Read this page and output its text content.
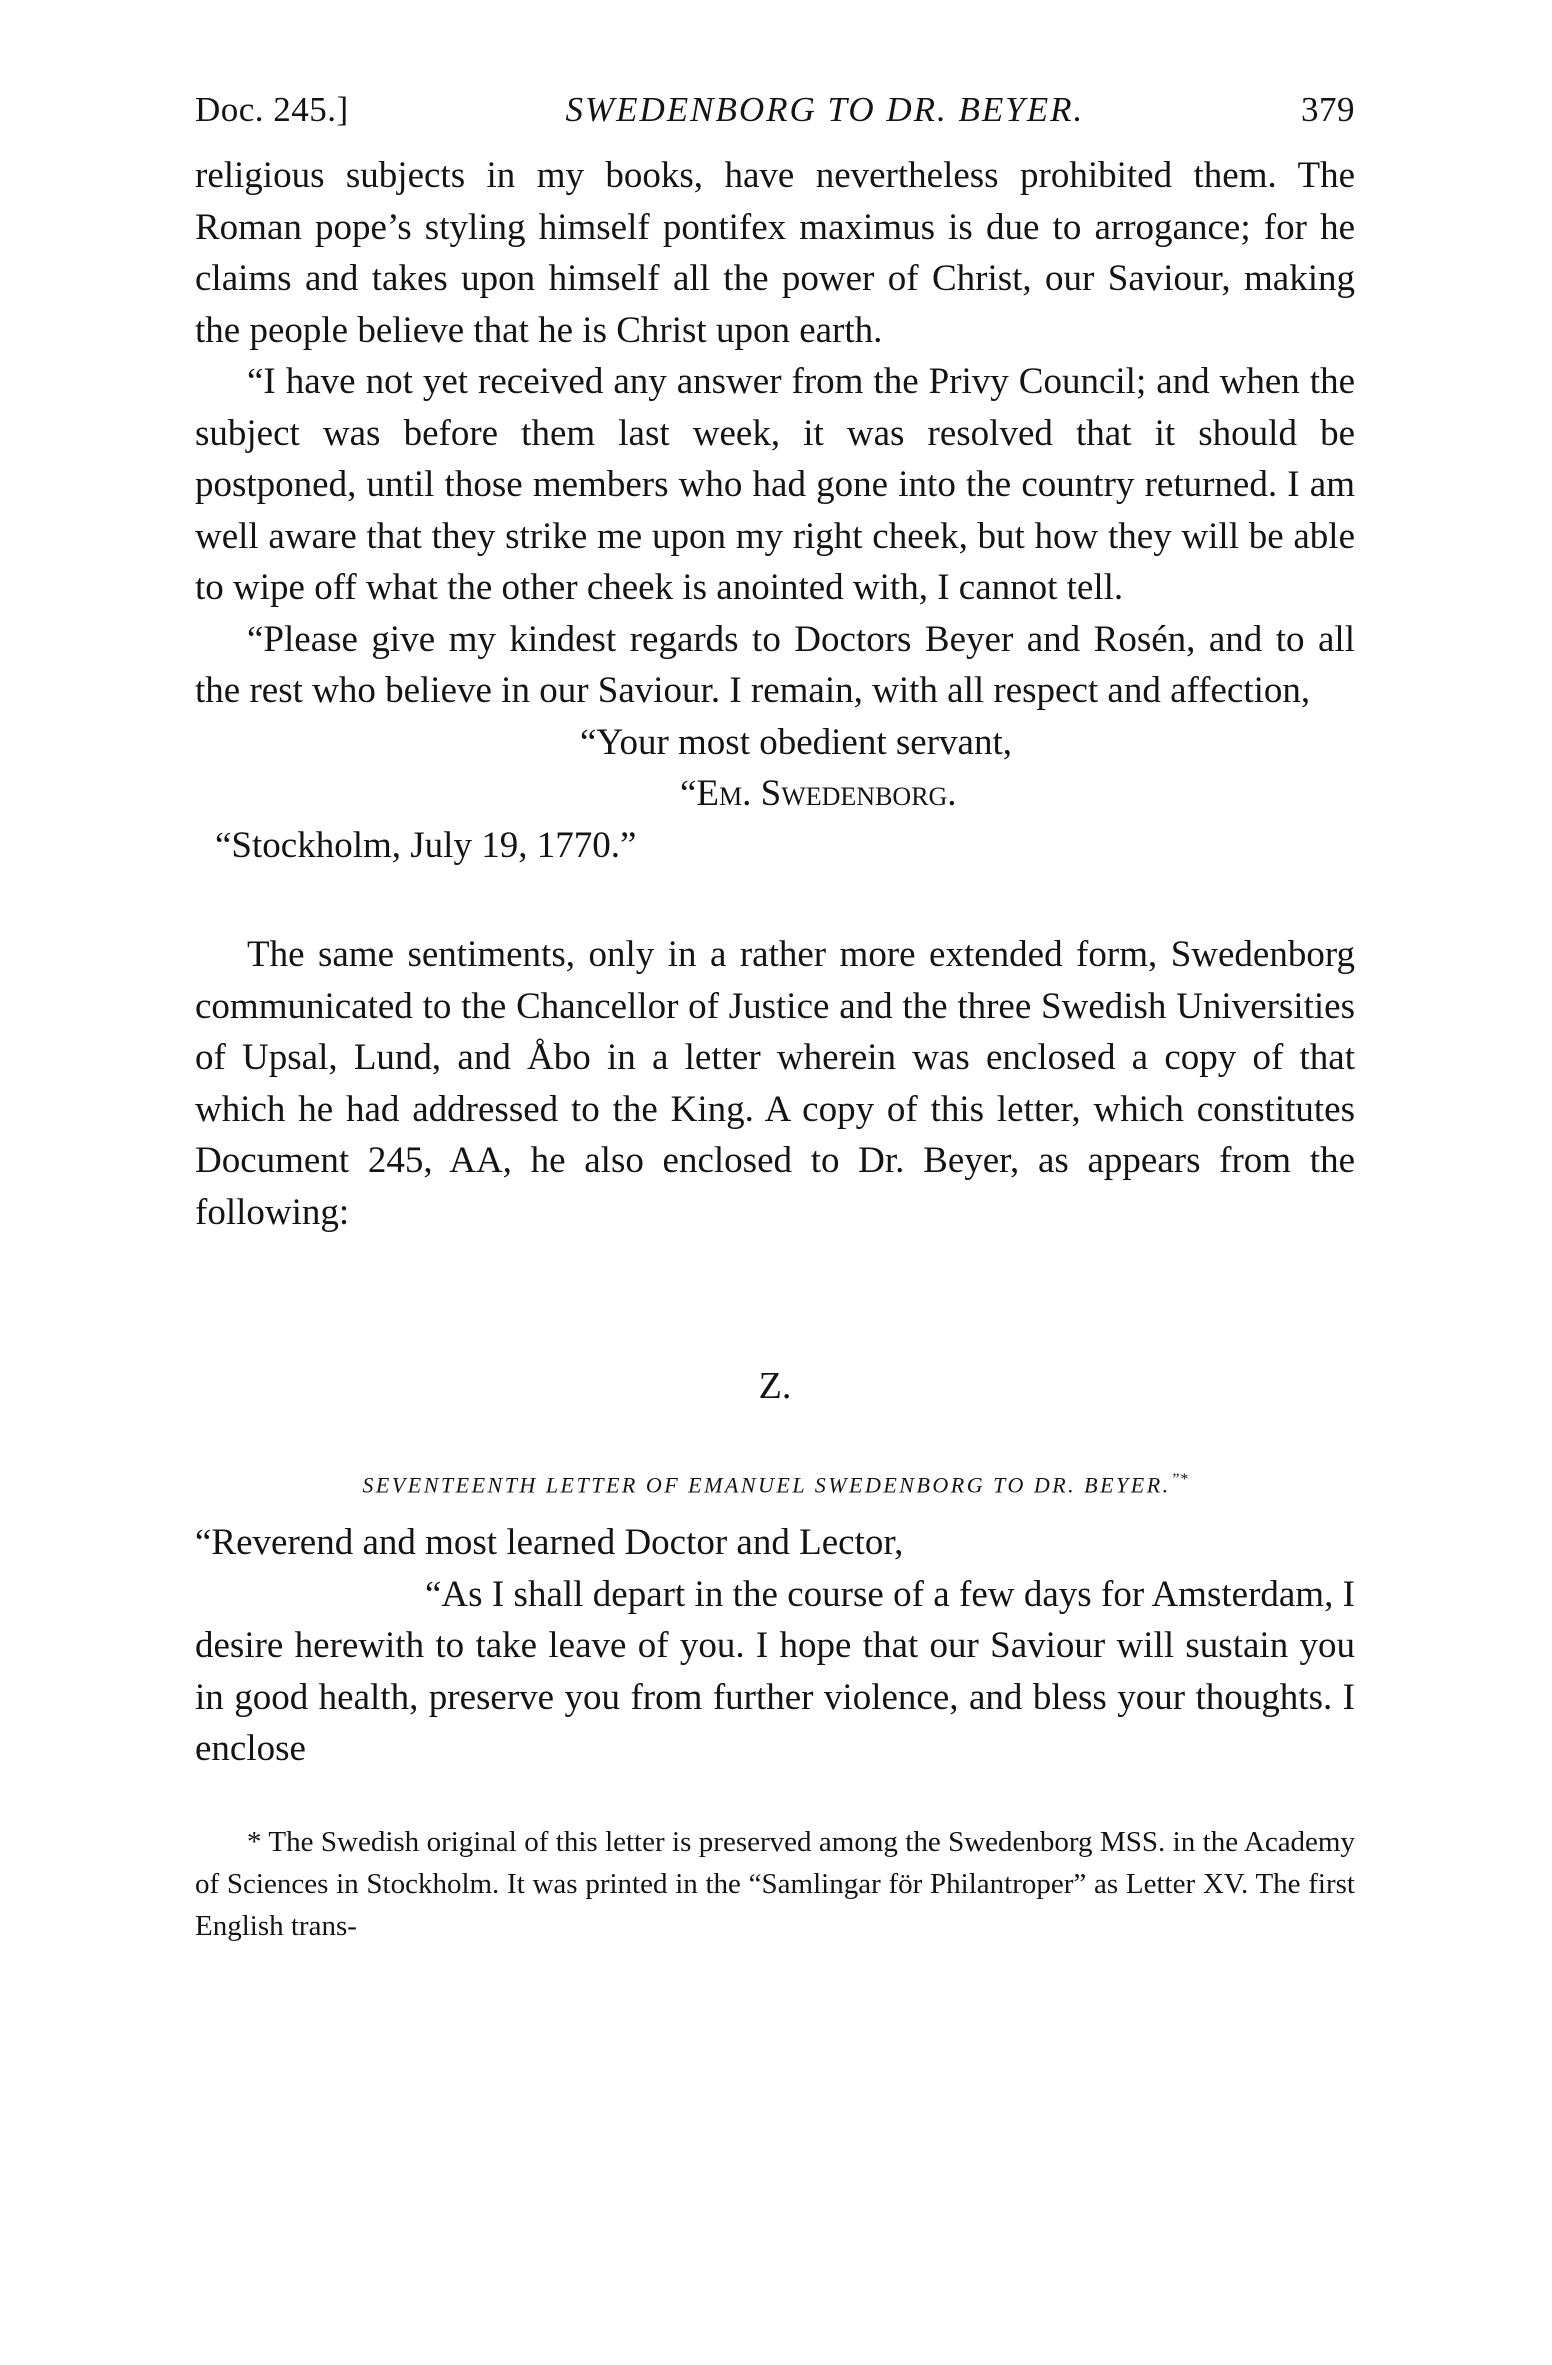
Doc. 245.]	SWEDENBORG TO DR. BEYER.	379

religious subjects in my books, have nevertheless prohibited them. The Roman pope’s styling himself pontifex maximus is due to arrogance; for he claims and takes upon himself all the power of Christ, our Saviour, making the people believe that he is Christ upon earth.

“I have not yet received any answer from the Privy Council; and when the subject was before them last week, it was resolved that it should be postponed, until those members who had gone into the country returned. I am well aware that they strike me upon my right cheek, but how they will be able to wipe off what the other cheek is anointed with, I cannot tell.

“Please give my kindest regards to Doctors Beyer and Rosén, and to all the rest who believe in our Saviour. I remain, with all respect and affection,

“Your most obedient servant,

“Em. Swedenborg.

“Stockholm, July 19, 1770.”

The same sentiments, only in a rather more extended form, Swedenborg communicated to the Chancellor of Justice and the three Swedish Universities of Upsal, Lund, and Åbo in a letter wherein was enclosed a copy of that which he had addressed to the King. A copy of this letter, which constitutes Document 245, AA, he also enclosed to Dr. Beyer, as appears from the following:

Z.

SEVENTEENTH LETTER OF EMANUEL SWEDENBORG TO DR. BEYER.”*

“Reverend and most learned Doctor and Lector,

“As I shall depart in the course of a few days for Amsterdam, I desire herewith to take leave of you. I hope that our Saviour will sustain you in good health, preserve you from further violence, and bless your thoughts. I enclose

* The Swedish original of this letter is preserved among the Swedenborg MSS. in the Academy of Sciences in Stockholm. It was printed in the “Samlingar för Philantroper” as Letter XV. The first English trans-
